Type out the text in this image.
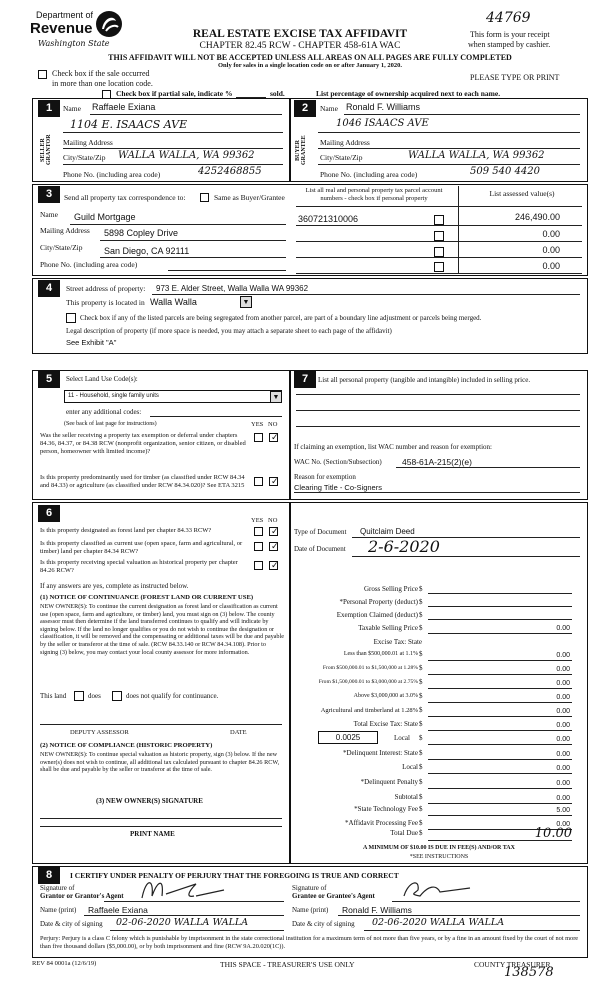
Department of
Revenue
Washington State
REAL ESTATE EXCISE TAX AFFIDAVIT
CHAPTER 82.45 RCW - CHAPTER 458-61A WAC
44769
This form is your receipt
when stamped by cashier.
THIS AFFIDAVIT WILL NOT BE ACCEPTED UNLESS ALL AREAS ON ALL PAGES ARE FULLY COMPLETED
Only for sales in a single location code on or after January 1, 2020.
Check box if the sale occurred
in more than one location code.
PLEASE TYPE OR PRINT
Check box if partial sale, indicate %	sold.	List percentage of ownership acquired next to each name.
1	Name Raffaele Exiana
SELLER GRANTOR
1104 E. ISAACS AVE
Mailing Address
City/State/Zip WALLA WALLA, WA 99362
Phone No. (including area code)	4252468855
2	Name Ronald F. Williams
BUYER GRANTEE
1046 ISAACS AVE
Mailing Address
City/State/Zip	WALLA WALLA, WA 99362
Phone No. (including area code)	509 540 4420
3	Send all property tax correspondence to:	Same as Buyer/Grantee
Name Guild Mortgage
Mailing Address 5898 Copley Drive
City/State/Zip San Diego, CA 92111
Phone No. (including area code)
List all real and personal property tax parcel account numbers - check box if personal property
List assessed value(s)
360721310006	246,490.00
0.00
0.00
0.00
4	Street address of property: 973 E. Alder Street, Walla Walla WA 99362
This property is located in Walla Walla	▼
Check box if any of the listed parcels are being segregated from another parcel, are part of a boundary line adjustment or parcels being merged.
Legal description of property (if more space is needed, you may attach a separate sheet to each page of the affidavit)
See Exhibit "A"
5	Select Land Use Code(s):
11 - Household, single family units	▼
enter any additional codes:
(See back of last page for instructions)	YES NO
Was the seller receiving a property tax exemption or deferral under chapters 84.36, 84.37, or 84.38 RCW (nonprofit organization, senior citizen, or disabled person, homeowner with limited income)?
✓
Is this property predominantly used for timber (as classified under RCW 84.34 and 84.33) or agriculture (as classified under RCW 84.34.020)? See ETA 3215	✓
7	List all personal property (tangible and intangible) included in selling price.
If claiming an exemption, list WAC number and reason for exemption:
WAC No. (Section/Subsection) 458-61A-215(2)(e)
Reason for exemption
Clearing Title - Co-Signers
6
YES NO
Is this property designated as forest land per chapter 84.33 RCW?	✓
Is this property classified as current use (open space, farm and agricultural, or timber) land per chapter 84.34 RCW?
✓
Is this property receiving special valuation as historical property per chapter 84.26 RCW?
✓
If any answers are yes, complete as instructed below.
(1) NOTICE OF CONTINUANCE (FOREST LAND OR CURRENT USE)
NEW OWNER(S): To continue the current designation as forest land or classification as current use (open space, farm and agriculture, or timber) land, you must sign on (3) below. The county assessor must then determine if the land transferred continues to qualify and will indicate by signing below. If the land no longer qualifies or you do not wish to continue the designation or classification, it will be removed and the compensating or additional taxes will be due and payable by the seller or transferor at the time of sale. (RCW 84.33.140 or RCW 84.34.108). Prior to signing (3) below, you may contact your local county assessor for more information.
This land	does	does not qualify for continuance.
DEPUTY ASSESSOR	DATE
(2) NOTICE OF COMPLIANCE (HISTORIC PROPERTY)
NEW OWNER(S): To continue special valuation as historic property, sign (3) below. If the new owner(s) does not wish to continue, all additional tax calculated pursuant to chapter 84.26 RCW, shall be due and payable by the seller or transferor at the time of sale.
(3) NEW OWNER(S) SIGNATURE
PRINT NAME
Type of Document Quitclaim Deed
Date of Document 2-6-2020
Gross Selling Price $
*Personal Property (deduct) $
Exemption Claimed (deduct) $
Taxable Selling Price $	0.00
Excise Tax: State
Less than $500,000.01 at 1.1% $	0.00
From $500,000.01 to $1,500,000 at 1.28% $	0.00
From $1,500,000.01 to $3,000,000 at 2.75% $	0.00
Above $3,000,000 at 3.0% $	0.00
Agricultural and timberland at 1.28% $	0.00
Total Excise Tax: State $	0.00
0.0025	Local $	0.00
*Delinquent Interest: State $	0.00
Local $	0.00
*Delinquent Penalty $	0.00
Subtotal $	0.00
*State Technology Fee $	5.00
*Affidavit Processing Fee $	0.00
Total Due $	10.00
A MINIMUM OF $10.00 IS DUE IN FEE(S) AND/OR TAX
*SEE INSTRUCTIONS
8	I CERTIFY UNDER PENALTY OF PERJURY THAT THE FOREGOING IS TRUE AND CORRECT
Signature of
Grantor or Grantor's Agent
Signature of
Grantee or Grantee's Agent
Name (print) Raffaele Exiana	Name (print) Ronald F. Williams
Date & city of signing 02-06-2020 WALLA WALLA	Date & city of signing 02-06-2020 WALLA WALLA
Perjury: Perjury is a class C felony which is punishable by imprisonment in the state correctional institution for a maximum term of not more than five years, or by a fine in an amount fixed by the court of not more than five thousand dollars ($5,000.00), or by both imprisonment and fine (RCW 9A.20.020(1C)).
REV 84 0001a (12/6/19)	THIS SPACE - TREASURER'S USE ONLY	COUNTY TREASURER
138578
